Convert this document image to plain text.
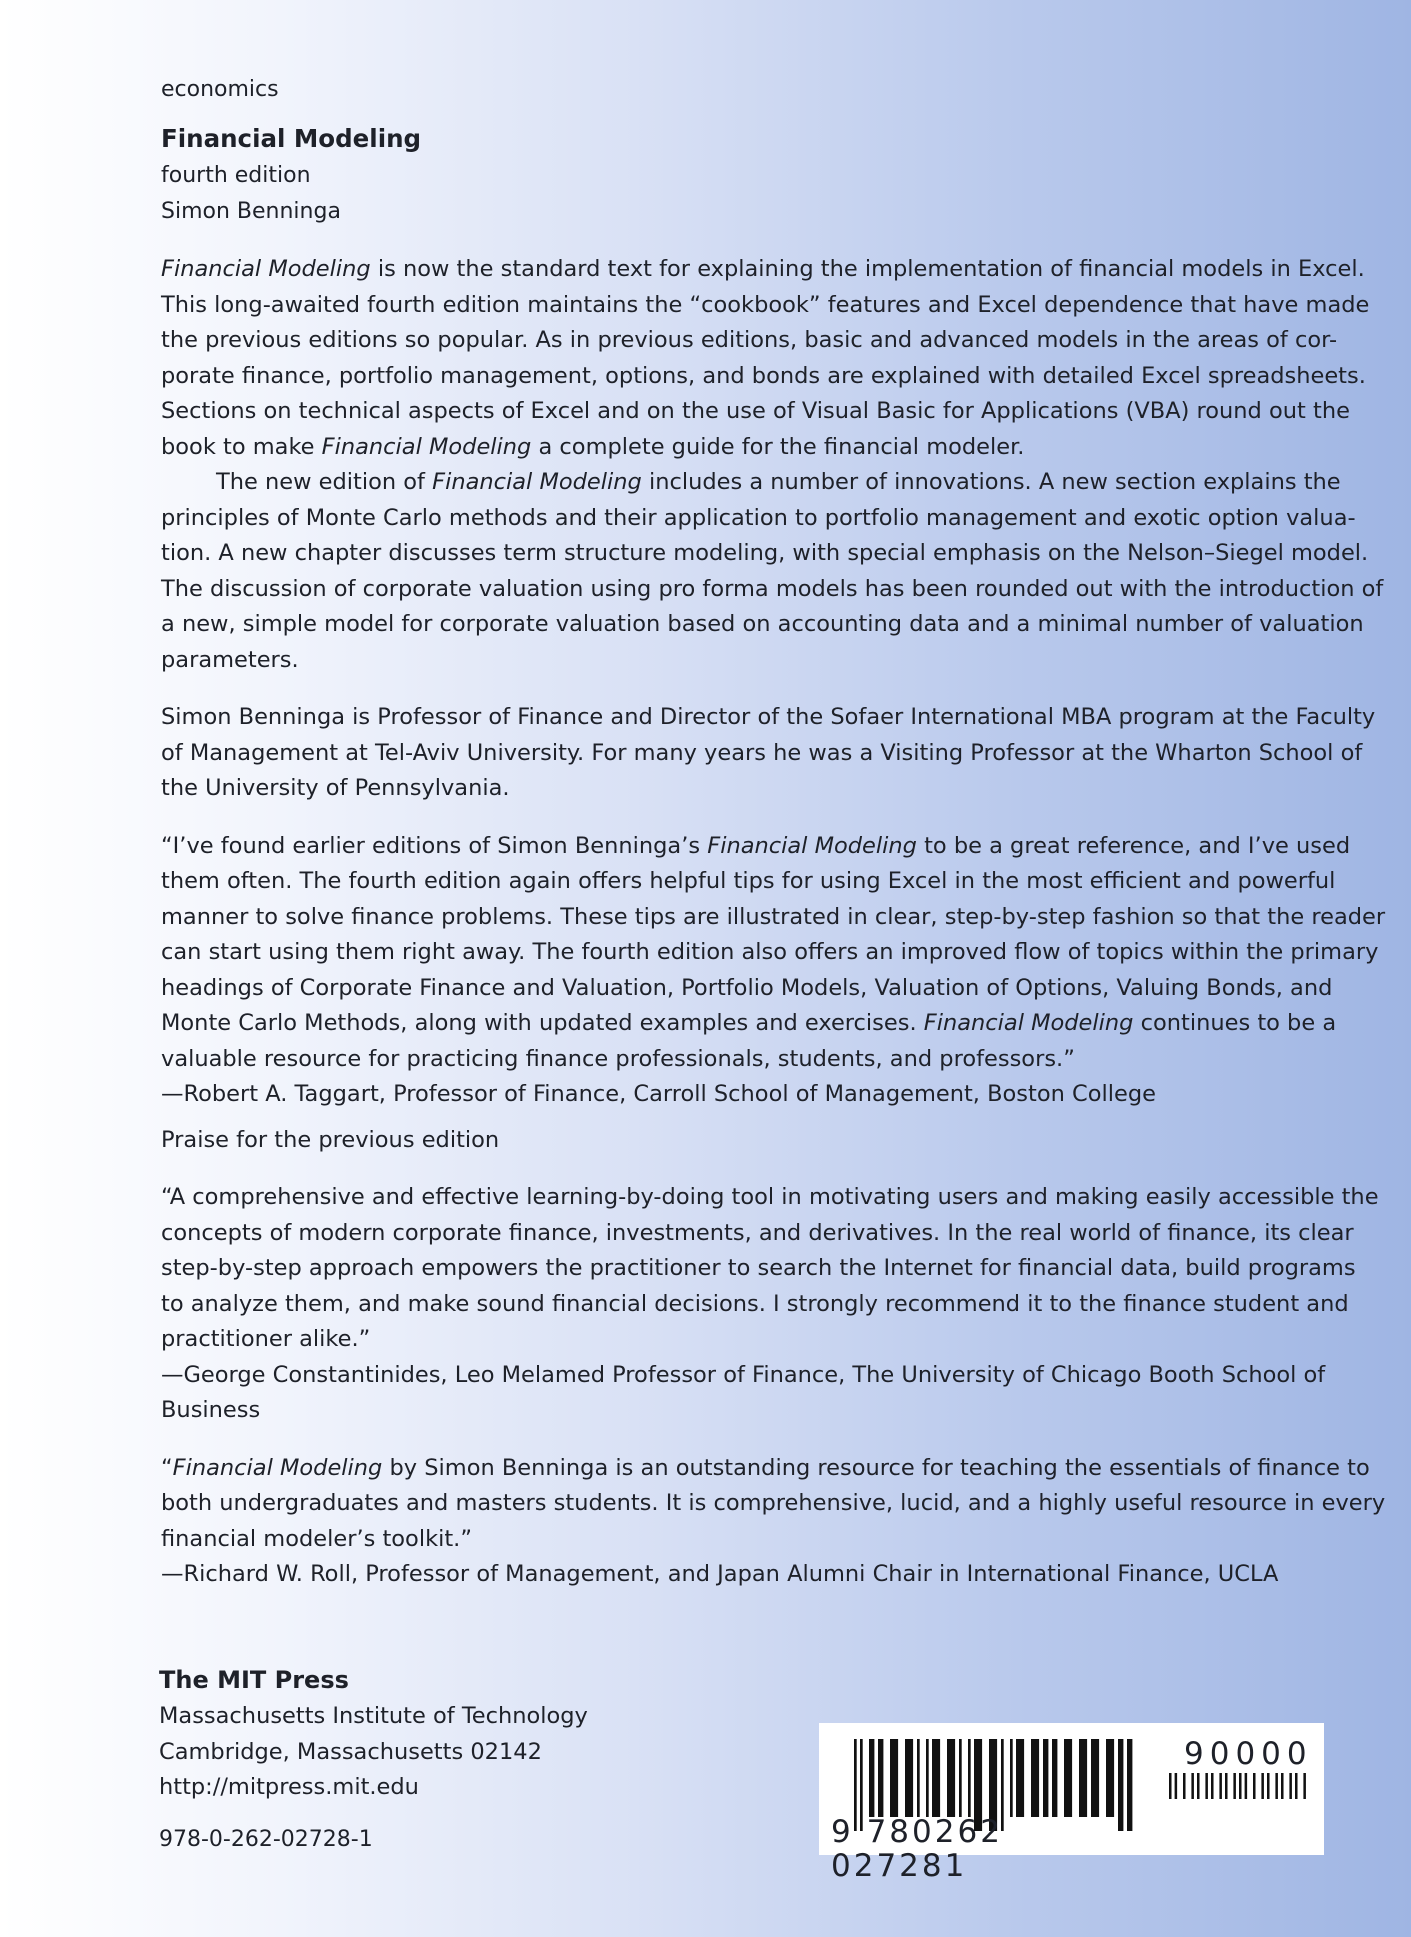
economics

Financial Modeling

fourth edition

Simon Benninga

Financial Modeling is now the standard text for explaining the implementation of financial models in Excel.

This long-awaited fourth edition maintains the “cookbook” features and Excel dependence that have made

the previous editions so popular. As in previous editions, basic and advanced models in the areas of cor-

porate finance, portfolio management, options, and bonds are explained with detailed Excel spreadsheets.

Sections on technical aspects of Excel and on the use of Visual Basic for Applications (VBA) round out the

book to make Financial Modeling a complete guide for the financial modeler.

The new edition of Financial Modeling includes a number of innovations. A new section explains the

principles of Monte Carlo methods and their application to portfolio management and exotic option valua-

tion. A new chapter discusses term structure modeling, with special emphasis on the Nelson–Siegel model.

The discussion of corporate valuation using pro forma models has been rounded out with the introduction of

a new, simple model for corporate valuation based on accounting data and a minimal number of valuation

parameters.

Simon Benninga is Professor of Finance and Director of the Sofaer International MBA program at the Faculty

of Management at Tel-Aviv University. For many years he was a Visiting Professor at the Wharton School of

the University of Pennsylvania.

“I’ve found earlier editions of Simon Benninga’s Financial Modeling to be a great reference, and I’ve used

them often. The fourth edition again offers helpful tips for using Excel in the most efficient and powerful

manner to solve finance problems. These tips are illustrated in clear, step-by-step fashion so that the reader

can start using them right away. The fourth edition also offers an improved flow of topics within the primary

headings of Corporate Finance and Valuation, Portfolio Models, Valuation of Options, Valuing Bonds, and

Monte Carlo Methods, along with updated examples and exercises. Financial Modeling continues to be a

valuable resource for practicing finance professionals, students, and professors.”

—Robert A. Taggart, Professor of Finance, Carroll School of Management, Boston College

Praise for the previous edition

“A comprehensive and effective learning-by-doing tool in motivating users and making easily accessible the

concepts of modern corporate finance, investments, and derivatives. In the real world of finance, its clear

step-by-step approach empowers the practitioner to search the Internet for financial data, build programs

to analyze them, and make sound financial decisions. I strongly recommend it to the finance student and

practitioner alike.”

—George Constantinides, Leo Melamed Professor of Finance, The University of Chicago Booth School of

Business

“Financial Modeling by Simon Benninga is an outstanding resource for teaching the essentials of finance to

both undergraduates and masters students. It is comprehensive, lucid, and a highly useful resource in every

financial modeler’s toolkit.”

—Richard W. Roll, Professor of Management, and Japan Alumni Chair in International Finance, UCLA

The MIT Press

Massachusetts Institute of Technology

Cambridge, Massachusetts 02142

http://mitpress.mit.edu

978-0-262-02728-1	9 780262 027281
90000
